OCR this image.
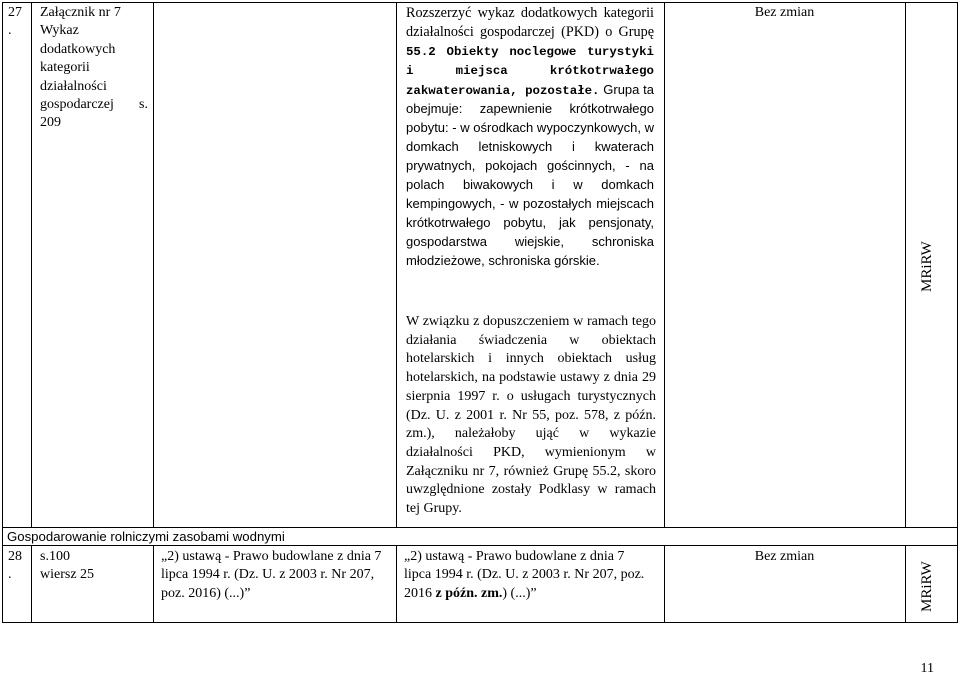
27
.
Załącznik nr 7
Wykaz
dodatkowych
kategorii
działalności
gospodarczej s.
209
Rozszerzyć wykaz dodatkowych kategorii działalności gospodarczej (PKD) o Grupę 55.2 Obiekty noclegowe turystyki i miejsca krótkotrwałego zakwaterowania, pozostałe. Grupa ta obejmuje: zapewnienie krótkotrwałego pobytu: - w ośrodkach wypoczynkowych, w domkach letniskowych i kwaterach prywatnych, pokojach gościnnych, - na polach biwakowych i w domkach kempingowych, - w pozostałych miejscach krótkotrwałego pobytu, jak pensjonaty, gospodarstwa wiejskie, schroniska młodzieżowe, schroniska górskie.
W związku z dopuszczeniem w ramach tego działania świadczenia w obiektach hotelarskich i innych obiektach usług hotelarskich, na podstawie ustawy z dnia 29 sierpnia 1997 r. o usługach turystycznych (Dz. U. z 2001 r. Nr 55, poz. 578, z późn. zm.), należałoby ująć w wykazie działalności PKD, wymienionym w Załączniku nr 7, również Grupę 55.2, skoro uwzględnione zostały Podklasy w ramach tej Grupy.
Bez zmian
MRiRW
Gospodarowanie rolniczymi zasobami wodnymi
28
.
s.100
wiersz 25
„2) ustawą - Prawo budowlane z dnia 7 lipca 1994 r. (Dz. U. z 2003 r. Nr 207, poz. 2016) (...)”
„2) ustawą - Prawo budowlane z dnia 7 lipca 1994 r. (Dz. U. z 2003 r. Nr 207, poz. 2016 z późn. zm.) (...)”
Bez zmian
MRiRW
11
